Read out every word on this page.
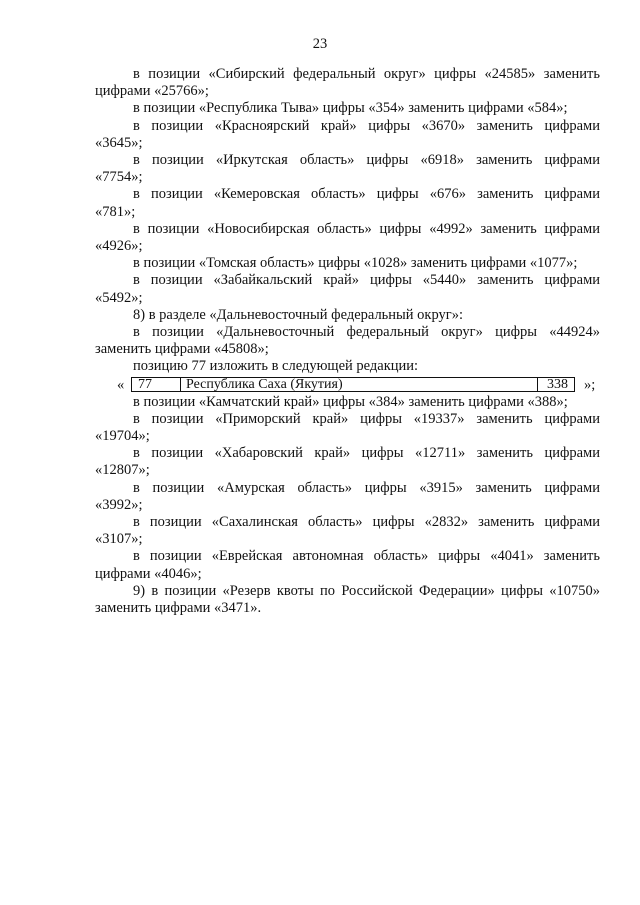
23

в позиции «Сибирский федеральный округ» цифры «24585» заменить

цифрами «25766»;

в позиции «Республика Тыва» цифры «354» заменить цифрами «584»;

в позиции «Красноярский край» цифры «3670» заменить цифрами

«3645»;

в позиции «Иркутская область» цифры «6918» заменить цифрами

«7754»;

в позиции «Кемеровская область» цифры «676» заменить цифрами

«781»;

в позиции «Новосибирская область» цифры «4992» заменить цифрами

«4926»;

в позиции «Томская область» цифры «1028» заменить цифрами «1077»;

в позиции «Забайкальский край» цифры «5440» заменить цифрами

«5492»;

8) в разделе «Дальневосточный федеральный округ»:

в позиции «Дальневосточный федеральный округ» цифры «44924»

заменить цифрами «45808»;

позицию 77 изложить в следующей редакции:

« 77	Республика Саха (Якутия)	338 »;

в позиции «Камчатский край» цифры «384» заменить цифрами «388»;

в позиции «Приморский край» цифры «19337» заменить цифрами

«19704»;

в позиции «Хабаровский край» цифры «12711» заменить цифрами

«12807»;

в позиции «Амурская область» цифры «3915» заменить цифрами

«3992»;

в позиции «Сахалинская область» цифры «2832» заменить цифрами

«3107»;

в позиции «Еврейская автономная область» цифры «4041» заменить

цифрами «4046»;

9) в позиции «Резерв квоты по Российской Федерации» цифры «10750»

заменить цифрами «3471».
